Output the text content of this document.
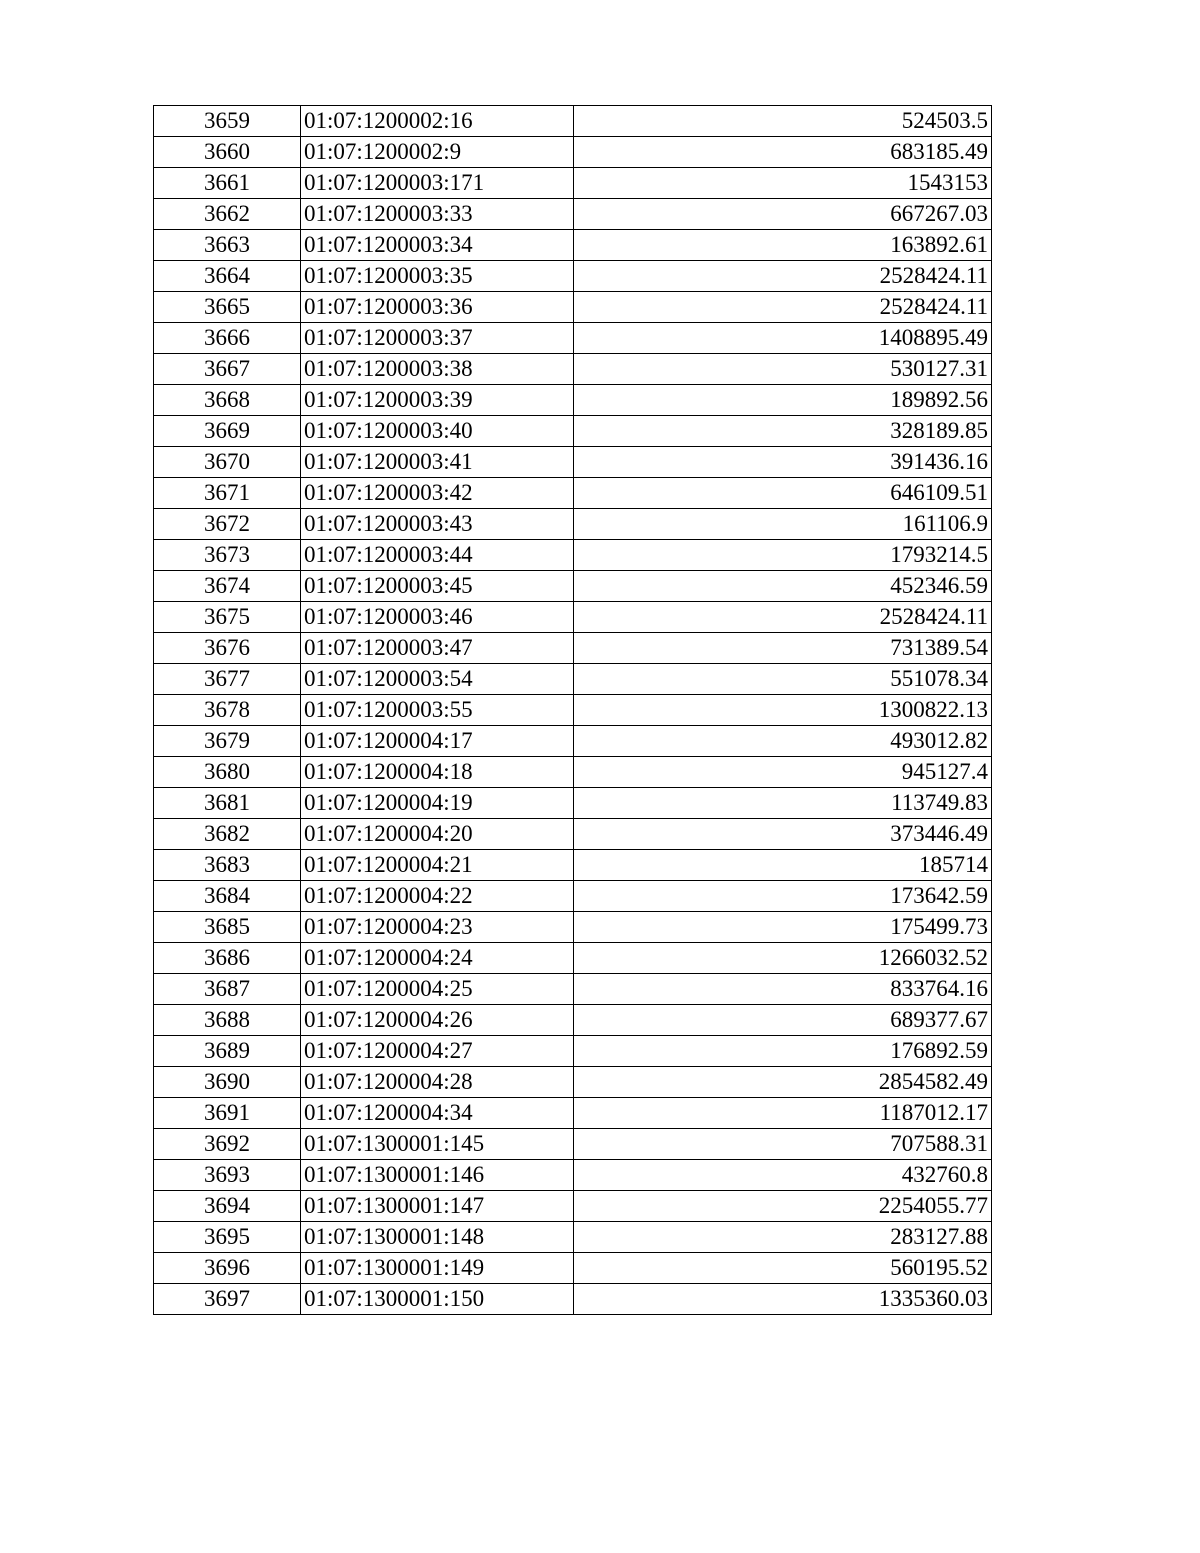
3659	01:07:1200002:16	524503.5
3660	01:07:1200002:9	683185.49
3661	01:07:1200003:171	1543153
3662	01:07:1200003:33	667267.03
3663	01:07:1200003:34	163892.61
3664	01:07:1200003:35	2528424.11
3665	01:07:1200003:36	2528424.11
3666	01:07:1200003:37	1408895.49
3667	01:07:1200003:38	530127.31
3668	01:07:1200003:39	189892.56
3669	01:07:1200003:40	328189.85
3670	01:07:1200003:41	391436.16
3671	01:07:1200003:42	646109.51
3672	01:07:1200003:43	161106.9
3673	01:07:1200003:44	1793214.5
3674	01:07:1200003:45	452346.59
3675	01:07:1200003:46	2528424.11
3676	01:07:1200003:47	731389.54
3677	01:07:1200003:54	551078.34
3678	01:07:1200003:55	1300822.13
3679	01:07:1200004:17	493012.82
3680	01:07:1200004:18	945127.4
3681	01:07:1200004:19	113749.83
3682	01:07:1200004:20	373446.49
3683	01:07:1200004:21	185714
3684	01:07:1200004:22	173642.59
3685	01:07:1200004:23	175499.73
3686	01:07:1200004:24	1266032.52
3687	01:07:1200004:25	833764.16
3688	01:07:1200004:26	689377.67
3689	01:07:1200004:27	176892.59
3690	01:07:1200004:28	2854582.49
3691	01:07:1200004:34	1187012.17
3692	01:07:1300001:145	707588.31
3693	01:07:1300001:146	432760.8
3694	01:07:1300001:147	2254055.77
3695	01:07:1300001:148	283127.88
3696	01:07:1300001:149	560195.52
3697	01:07:1300001:150	1335360.03
